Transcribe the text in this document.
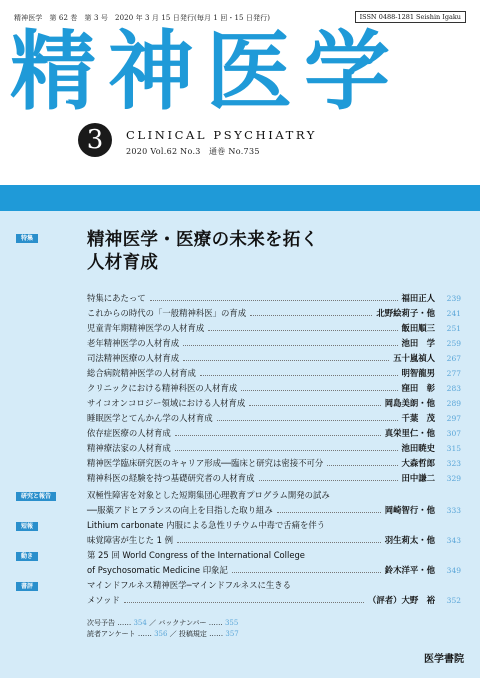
精神医学　第 62 巻　第 3 号　2020 年 3 月 15 日発行(毎月 1 回・15 日発行)	ISSN 0488-1281 Seishin Igaku
精神医学
3	CLINICAL PSYCHIATRY
2020 Vol.62 No.3　通巻 No.735
特集	精神医学・医療の未来を拓く
人材育成
特集にあたって	福田正人	239
これからの時代の「一般精神科医」の育成	北野絵莉子・他	241
児童青年期精神医学の人材育成	飯田順三	251
老年精神医学の人材育成	池田　学	259
司法精神医療の人材育成	五十嵐禎人	267
総合病院精神医学の人材育成	明智龍男	277
クリニックにおける精神科医の人材育成	窪田　彰	283
サイコオンコロジー領域における人材育成	岡島美朗・他	289
睡眠医学とてんかん学の人材育成	千葉　茂	297
依存症医療の人材育成	真栄里仁・他	307
精神療法家の人材育成	池田暁史	315
精神医学臨床研究医のキャリア形成──臨床と研究は密接不可分	大森哲郎	323
精神科医の経験を持つ基礎研究者の人材育成	田中謙二	329
研究と報告	双極性障害を対象とした短期集団心理教育プログラム開発の試み
──服薬アドヒアランスの向上を目指した取り組み	岡崎智行・他	333
短報	Lithium carbonate 内服による急性リチウム中毒で舌痛を伴う
味覚障害が生じた 1 例	羽生莉太・他	343
動き	第 25 回 World Congress of the International College
of Psychosomatic Medicine 印象記	鈴木洋平・他	349
書評	マインドフルネス精神医学─マインドフルネスに生きる
メソッド	（評者）大野　裕	352
次号予告 …… 354 ／ バックナンバー …… 355
読者アンケート …… 356 ／ 投稿規定 …… 357
医学書院
